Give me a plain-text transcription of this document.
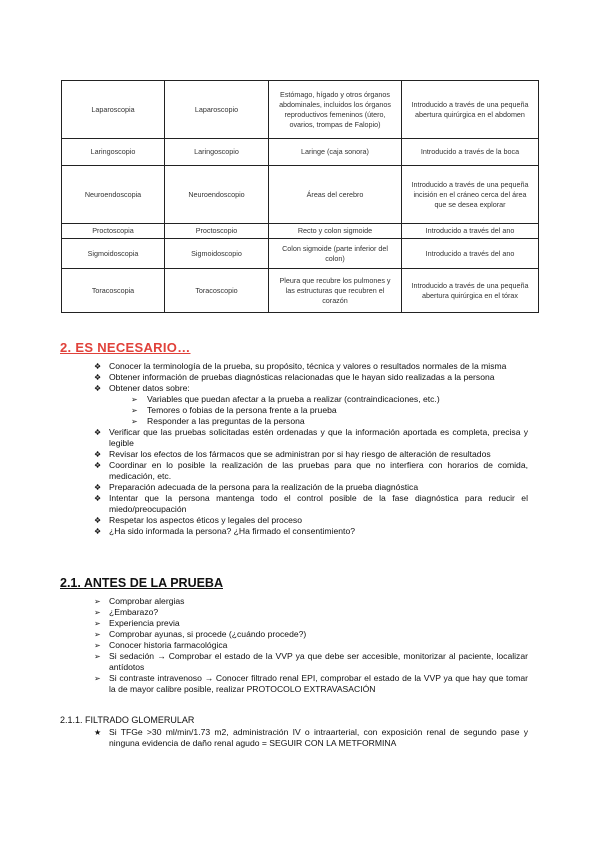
Laparoscopia	Laparoscopio	Estómago, hígado y otros órganos abdominales, incluidos los órganos reproductivos femeninos (útero, ovarios, trompas de Falopio)	Introducido a través de una pequeña abertura quirúrgica en el abdomen
Laringoscopio	Laringoscopio	Laringe (caja sonora)	Introducido a través de la boca
Neuroendoscopia	Neuroendoscopio	Áreas del cerebro	Introducido a través de una pequeña incisión en el cráneo cerca del área que se desea explorar
Proctoscopia	Proctoscopio	Recto y colon sigmoide	Introducido a través del ano
Sigmoidoscopia	Sigmoidoscopio	Colon sigmoide (parte inferior del colon)	Introducido a través del ano
Toracoscopia	Toracoscopio	Pleura que recubre los pulmones y las estructuras que recubren el corazón	Introducido a través de una pequeña abertura quirúrgica en el tórax
2. ES NECESARIO…
❖ Conocer la terminología de la prueba, su propósito, técnica y valores o resultados normales de la misma
❖ Obtener información de pruebas diagnósticas relacionadas que le hayan sido realizadas a la persona
❖ Obtener datos sobre:
➢ Variables que puedan afectar a la prueba a realizar (contraindicaciones, etc.)
➢ Temores o fobias de la persona frente a la prueba
➢ Responder a las preguntas de la persona
❖ Verificar que las pruebas solicitadas estén ordenadas y que la información aportada es completa, precisa y legible
❖ Revisar los efectos de los fármacos que se administran por si hay riesgo de alteración de resultados
❖ Coordinar en lo posible la realización de las pruebas para que no interfiera con horarios de comida, medicación, etc.
❖ Preparación adecuada de la persona para la realización de la prueba diagnóstica
❖ Intentar que la persona mantenga todo el control posible de la fase diagnóstica para reducir el miedo/preocupación
❖ Respetar los aspectos éticos y legales del proceso
❖ ¿Ha sido informada la persona? ¿Ha firmado el consentimiento?
2.1. ANTES DE LA PRUEBA
➢ Comprobar alergias
➢ ¿Embarazo?
➢ Experiencia previa
➢ Comprobar ayunas, si procede (¿cuándo procede?)
➢ Conocer historia farmacológica
➢ Si sedación → Comprobar el estado de la VVP ya que debe ser accesible, monitorizar al paciente, localizar antídotos
➢ Si contraste intravenoso → Conocer filtrado renal EPI, comprobar el estado de la VVP ya que hay que tomar la de mayor calibre posible, realizar PROTOCOLO EXTRAVASACIÓN
2.1.1. FILTRADO GLOMERULAR
★ Si TFGe >30 ml/min/1.73 m2, administración IV o intraarterial, con exposición renal de segundo pase y ninguna evidencia de daño renal agudo = SEGUIR CON LA METFORMINA
